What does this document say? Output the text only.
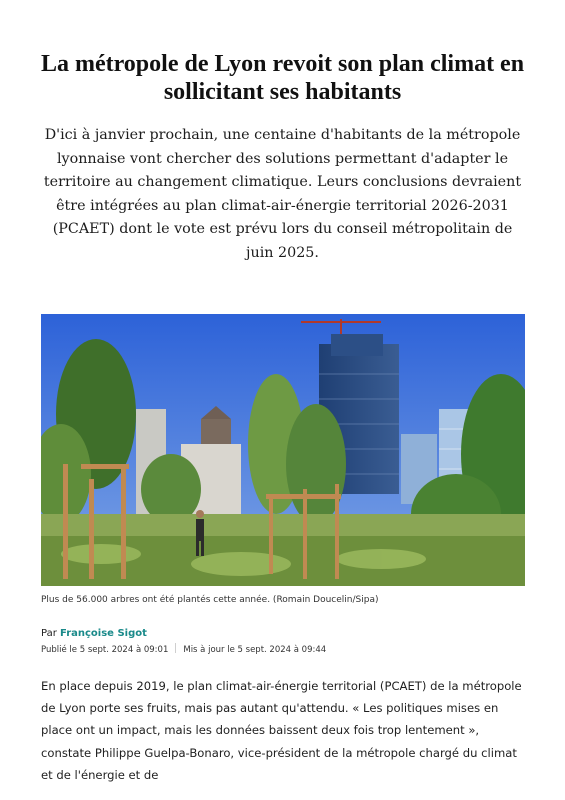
La métropole de Lyon revoit son plan climat en sollicitant ses habitants

D'ici à janvier prochain, une centaine d'habitants de la métropole lyonnaise vont chercher des solutions permettant d'adapter le territoire au changement climatique. Leurs conclusions devraient être intégrées au plan climat-air-énergie territorial 2026-2031 (PCAET) dont le vote est prévu lors du conseil métropolitain de juin 2025.

Plus de 56.000 arbres ont été plantés cette année. (Romain Doucelin/Sipa)

Par Françoise Sigot

Publié le 5 sept. 2024 à 09:01 Mis à jour le 5 sept. 2024 à 09:44

En place depuis 2019, le plan climat-air-énergie territorial (PCAET) de la métropole de Lyon porte ses fruits, mais pas autant qu'attendu. « Les politiques mises en place ont un impact, mais les données baissent deux fois trop lentement », constate Philippe Guelpa-Bonaro, vice-président de la métropole chargé du climat et de l'énergie et de
